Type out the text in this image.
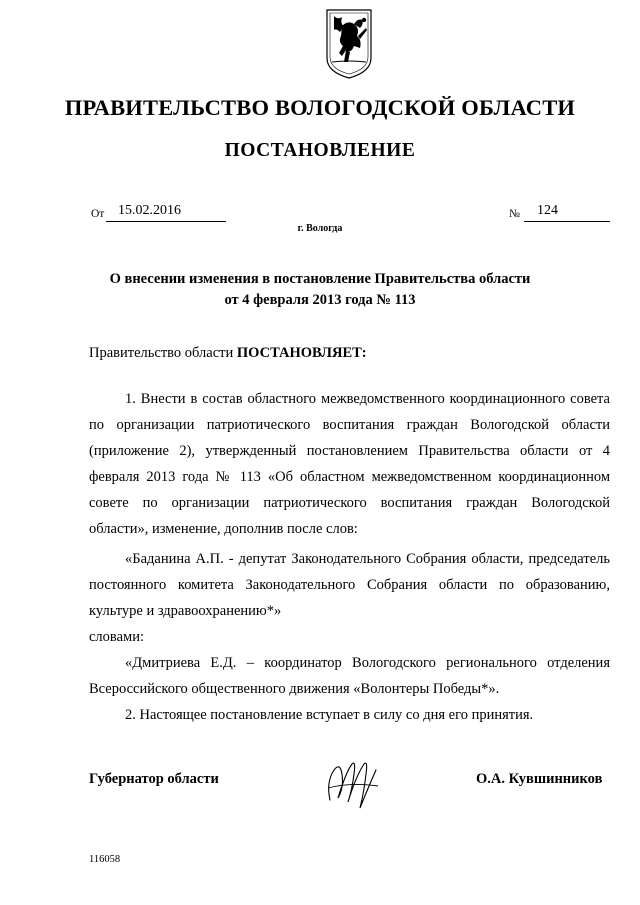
ПРАВИТЕЛЬСТВО ВОЛОГОДСКОЙ ОБЛАСТИ
ПОСТАНОВЛЕНИЕ
От 15.02.2016	№ 124
г. Вологда
О внесении изменения в постановление Правительства области
от 4 февраля 2013 года № 113

Правительство области ПОСТАНОВЛЯЕТ:

1. Внести в состав областного межведомственного координационного совета по организации патриотического воспитания граждан Вологодской области (приложение 2), утвержденный постановлением Правительства области от 4 февраля 2013 года № 113 «Об областном межведомственном координационном совете по организации патриотического воспитания граждан Вологодской области», изменение, дополнив после слов:

«Баданина А.П. - депутат Законодательного Собрания области, председатель постоянного комитета Законодательного Собрания области по образованию, культуре и здравоохранению*»

словами:

«Дмитриева Е.Д. – координатор Вологодского регионального отделения Всероссийского общественного движения «Волонтеры Победы*».

2. Настоящее постановление вступает в силу со дня его принятия.

Губернатор области	О.А. Кувшинников
116058
